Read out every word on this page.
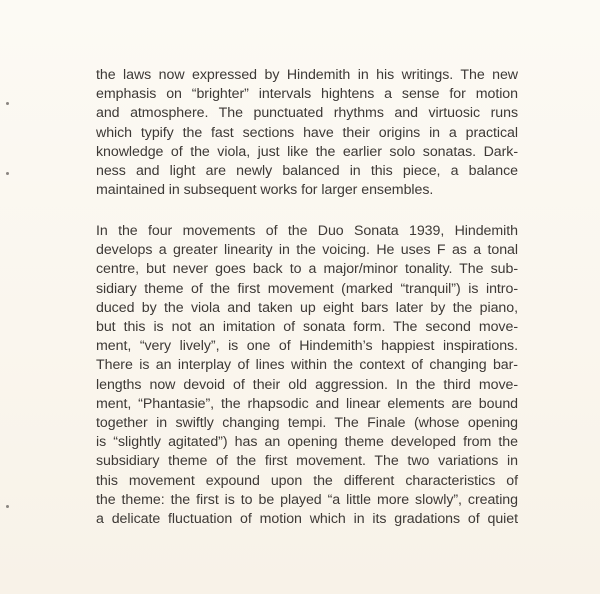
the laws now expressed by Hindemith in his writings. The new
emphasis on “brighter” intervals hightens a sense for motion
and atmosphere. The punctuated rhythms and virtuosic runs
which typify the fast sections have their origins in a practical
knowledge of the viola, just like the earlier solo sonatas. Dark-
ness and light are newly balanced in this piece, a balance
maintained in subsequent works for larger ensembles.
In the four movements of the Duo Sonata 1939, Hindemith
develops a greater linearity in the voicing. He uses F as a tonal
centre, but never goes back to a major/minor tonality. The sub-
sidiary theme of the first movement (marked “tranquil”) is intro-
duced by the viola and taken up eight bars later by the piano,
but this is not an imitation of sonata form. The second move-
ment, “very lively”, is one of Hindemith’s happiest inspirations.
There is an interplay of lines within the context of changing bar-
lengths now devoid of their old aggression. In the third move-
ment, “Phantasie”, the rhapsodic and linear elements are bound
together in swiftly changing tempi. The Finale (whose opening
is “slightly agitated”) has an opening theme developed from the
subsidiary theme of the first movement. The two variations in
this movement expound upon the different characteristics of
the theme: the first is to be played “a little more slowly”, creating
a delicate fluctuation of motion which in its gradations of quiet
